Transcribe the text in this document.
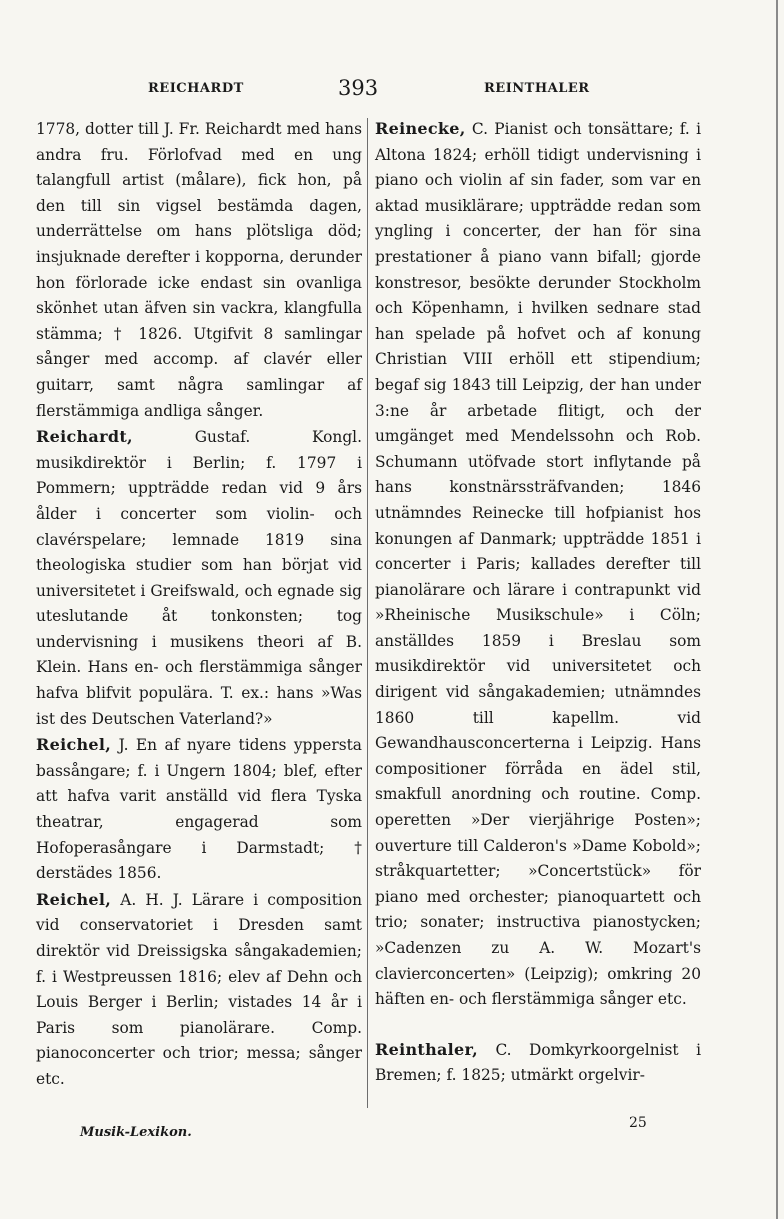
REICHARDT	393	REINTHALER

1778, dotter till J. Fr. Reichardt med hans andra fru. Förlofvad med en ung talangfull artist (målare), fick hon, på den till sin vigsel bestämda dagen, underrättelse om hans plötsliga död; insjuknade derefter i kopporna, derunder hon förlorade icke endast sin ovanliga skönhet utan äfven sin vackra, klangfulla stämma; † 1826. Utgifvit 8 samlingar sånger med accomp. af clavér eller guitarr, samt några samlingar af flerstämmiga andliga sånger.

Reichardt, Gustaf. Kongl. musikdirektör i Berlin; f. 1797 i Pommern; uppträdde redan vid 9 års ålder i concerter som violin- och clavérspelare; lemnade 1819 sina theologiska studier som han börjat vid universitetet i Greifswald, och egnade sig uteslutande åt tonkonsten; tog undervisning i musikens theori af B. Klein. Hans en- och flerstämmiga sånger hafva blifvit populära. T. ex.: hans »Was ist des Deutschen Vaterland?»

Reichel, J. En af nyare tidens yppersta bassångare; f. i Ungern 1804; blef, efter att hafva varit anställd vid flera Tyska theatrar, engagerad som Hofoperasångare i Darmstadt; † derstädes 1856.

Reichel, A. H. J. Lärare i composition vid conservatoriet i Dresden samt direktör vid Dreissigska sångakademien; f. i Westpreussen 1816; elev af Dehn och Louis Berger i Berlin; vistades 14 år i Paris som pianolärare. Comp. pianoconcerter och trior; messa; sånger etc.

Reinecke, C. Pianist och tonsättare; f. i Altona 1824; erhöll tidigt undervisning i piano och violin af sin fader, som var en aktad musiklärare; uppträdde redan som yngling i concerter, der han för sina prestationer å piano vann bifall; gjorde konstresor, besökte derunder Stockholm och Köpenhamn, i hvilken sednare stad han spelade på hofvet och af konung Christian VIII erhöll ett stipendium; begaf sig 1843 till Leipzig, der han under 3:ne år arbetade flitigt, och der umgänget med Mendelssohn och Rob. Schumann utöfvade stort inflytande på hans konstnärssträfvanden; 1846 utnämndes Reinecke till hofpianist hos konungen af Danmark; uppträdde 1851 i concerter i Paris; kallades derefter till pianolärare och lärare i contrapunkt vid »Rheinische Musikschule» i Cöln; anställdes 1859 i Breslau som musikdirektör vid universitetet och dirigent vid sångakademien; utnämndes 1860 till kapellm. vid Gewandhausconcerterna i Leipzig. Hans compositioner förråda en ädel stil, smakfull anordning och routine. Comp. operetten »Der vierjährige Posten»; ouverture till Calderon's »Dame Kobold»; stråkquartetter; »Concertstück» för piano med orchester; pianoquartett och trio; sonater; instructiva pianostycken; »Cadenzen zu A. W. Mozart's clavierconcerten» (Leipzig); omkring 20 häften en- och flerstämmiga sånger etc.

Reinthaler, C. Domkyrkoorgelnist i Bremen; f. 1825; utmärkt orgelvir-

Musik-Lexikon.
25
